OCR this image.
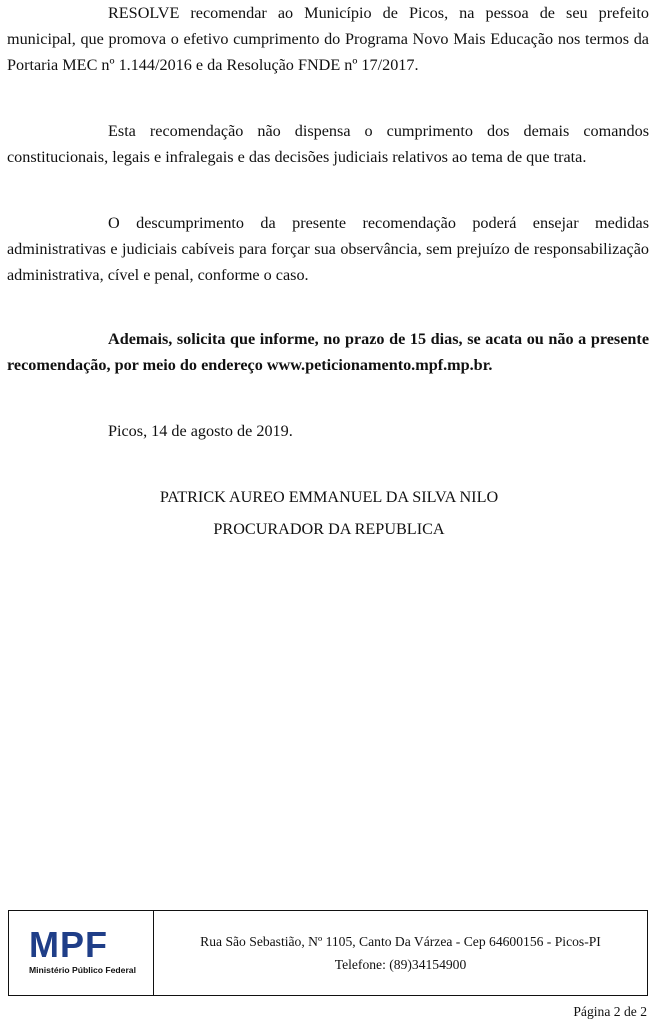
RESOLVE recomendar ao Município de Picos, na pessoa de seu prefeito municipal, que promova o efetivo cumprimento do Programa Novo Mais Educação nos termos da Portaria MEC nº 1.144/2016 e da Resolução FNDE nº 17/2017.

Esta recomendação não dispensa o cumprimento dos demais comandos constitucionais, legais e infralegais e das decisões judiciais relativos ao tema de que trata.

O descumprimento da presente recomendação poderá ensejar medidas administrativas e judiciais cabíveis para forçar sua observância, sem prejuízo de responsabilização administrativa, cível e penal, conforme o caso.

Ademais, solicita que informe, no prazo de 15 dias, se acata ou não a presente recomendação, por meio do endereço www.peticionamento.mpf.mp.br.

Picos, 14 de agosto de 2019.

PATRICK AUREO EMMANUEL DA SILVA NILO

PROCURADOR DA REPUBLICA

MPF
Ministério Público Federal
Rua São Sebastião, Nº 1105, Canto Da Várzea - Cep 64600156 - Picos-PI
Telefone: (89)34154900

Página 2 de 2
